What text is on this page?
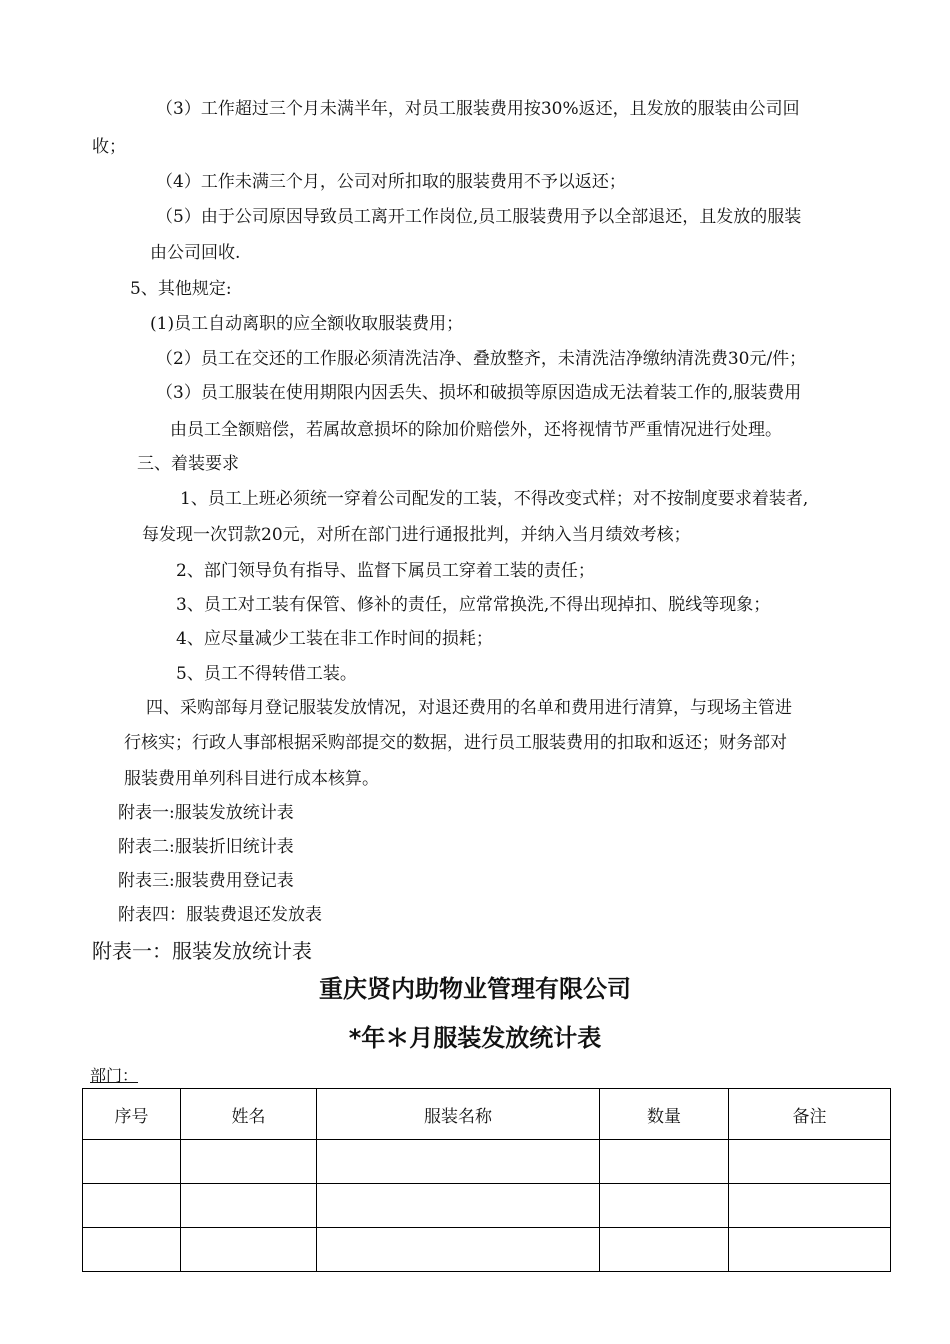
（3）工作超过三个月未满半年，对员工服装费用按30%返还，且发放的服装由公司回
收；
（4）工作未满三个月，公司对所扣取的服装费用不予以返还；
（5）由于公司原因导致员工离开工作岗位,员工服装费用予以全部退还，且发放的服装
由公司回收.
5、其他规定:
(1)员工自动离职的应全额收取服装费用；
（2）员工在交还的工作服必须清洗洁净、叠放整齐，未清洗洁净缴纳清洗费30元/件；
（3）员工服装在使用期限内因丢失、损坏和破损等原因造成无法着装工作的,服装费用
由员工全额赔偿，若属故意损坏的除加价赔偿外，还将视情节严重情况进行处理。
三、着装要求
1、员工上班必须统一穿着公司配发的工装，不得改变式样；对不按制度要求着装者,
每发现一次罚款20元，对所在部门进行通报批判，并纳入当月绩效考核；
2、部门领导负有指导、监督下属员工穿着工装的责任；
3、员工对工装有保管、修补的责任，应常常换洗,不得出现掉扣、脱线等现象；
4、应尽量减少工装在非工作时间的损耗；
5、员工不得转借工装。
四、采购部每月登记服装发放情况，对退还费用的名单和费用进行清算，与现场主管进
行核实；行政人事部根据采购部提交的数据，进行员工服装费用的扣取和返还；财务部对
服装费用单列科目进行成本核算。
附表一:服装发放统计表
附表二:服装折旧统计表
附表三:服装费用登记表
附表四：服装费退还发放表
附表一：服装发放统计表
重庆贤内助物业管理有限公司
*年＊月服装发放统计表
部门：
序号	姓名	服装名称	数量	备注
